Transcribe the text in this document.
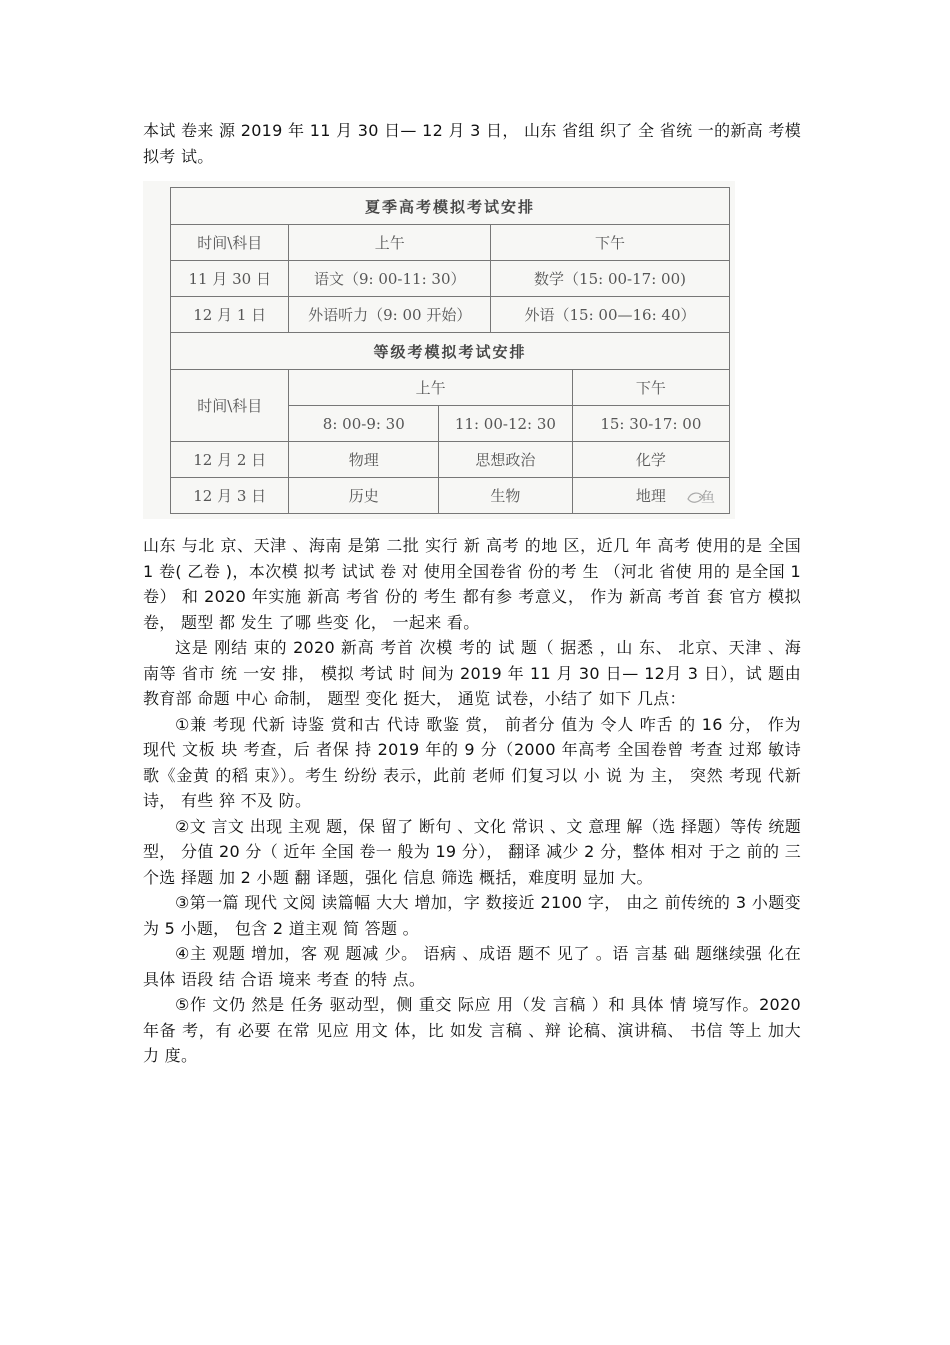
本试 卷来 源 2019 年 11 月 30 日— 12 月 3 日， 山东 省组 织了 全 省统 一的新高 考模 拟考 试。

夏季高考模拟考试安排				
时间\科目	上午		下午	
11 月 30 日	语文（9: 00-11: 30）		数学（15: 00-17: 00)	
12 月 1 日	外语听力（9: 00 开始）		外语（15: 00—16: 40）	
等级考模拟考试安排				
时间\科目	上午			下午
	8: 00-9: 30	11: 00-12: 30		15: 30-17: 00
12 月 2 日	物理	思想政治		化学
12 月 3 日	历史	生物		地理	鱼

山东 与北 京、天津 、海南 是第 二批 实行 新 高考 的地 区，近几 年 高考 使用的是 全国 1 卷( 乙卷 )，本次模 拟考 试试 卷 对 使用全国卷省 份的考 生 （河北 省使 用的 是全国 1 卷） 和 2020 年实施 新高 考省 份的 考生 都有参 考意义， 作为 新高 考首 套 官方 模拟 卷， 题型 都 发生 了哪 些变 化， 一起来 看。

这是 刚结 束的 2020 新高 考首 次模 考的 试 题（ 据悉 ，山 东、 北京、天津 、海 南等 省市 统 一安 排， 模拟 考试 时 间为 2019 年 11 月 30 日— 12月 3 日），试 题由 教育部 命题 中心 命制， 题型 变化 挺大， 通览 试卷，小结了 如下 几点：

①兼 考现 代新 诗鉴 赏和古 代诗 歌鉴 赏， 前者分 值为 令人 咋舌 的 16 分， 作为 现代 文板 块 考查，后 者保 持 2019 年的 9 分（2000 年高考 全国卷曾 考查 过郑 敏诗 歌《金黄 的稻 束》）。考生 纷纷 表示，此前 老师 们复习以 小 说 为 主， 突然 考现 代新 诗， 有些 猝 不及 防。

②文 言文 出现 主观 题，保 留了 断句 、文化 常识 、文 意理 解（选 择题）等传 统题 型， 分值 20 分（ 近年 全国 卷一 般为 19 分）， 翻译 减少 2 分，整体 相对 于之 前的 三 个选 择题 加 2 小题 翻 译题，强化 信息 筛选 概括，难度明 显加 大。

③第一篇 现代 文阅 读篇幅 大大 增加，字 数接近 2100 字， 由之 前传统的 3 小题变 为 5 小题， 包含 2 道主观 简 答题 。

④主 观题 增加，客 观 题减 少。 语病 、成语 题不 见了 。语 言基 础 题继续强 化在 具体 语段 结 合语 境来 考查 的特 点。

⑤作 文仍 然是 任务 驱动型，侧 重交 际应 用（发 言稿 ）和 具体 情 境写作。2020 年备 考，有 必要 在常 见应 用文 体，比 如发 言稿 、辩 论稿、演讲稿、 书信 等上 加大 力 度。
